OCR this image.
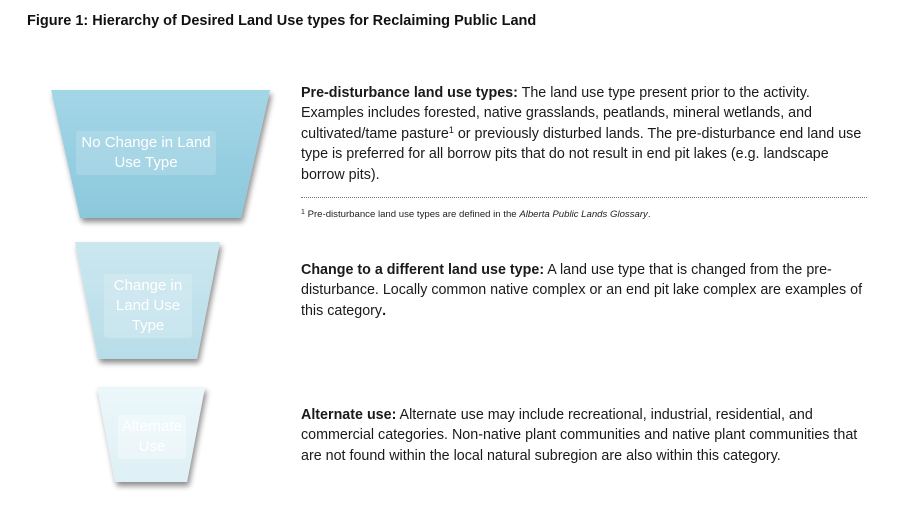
Figure 1: Hierarchy of Desired Land Use types for Reclaiming Public Land
No Change in Land Use Type
Change in Land Use Type
Alternate Use
Pre-disturbance land use types: The land use type present prior to the activity. Examples includes forested, native grasslands, peatlands, mineral wetlands, and cultivated/tame pasture$^1$ or previously disturbed lands. The pre-disturbance end land use type is preferred for all borrow pits that do not result in end pit lakes (e.g. landscape borrow pits).
$^1$ Pre-disturbance land use types are defined in the Alberta Public Lands Glossary.
Change to a different land use type: A land use type that is changed from the pre-disturbance. Locally common native complex or an end pit lake complex are examples of this category.
Alternate use: Alternate use may include recreational, industrial, residential, and commercial categories. Non-native plant communities and native plant communities that are not found within the local natural subregion are also within this category.
